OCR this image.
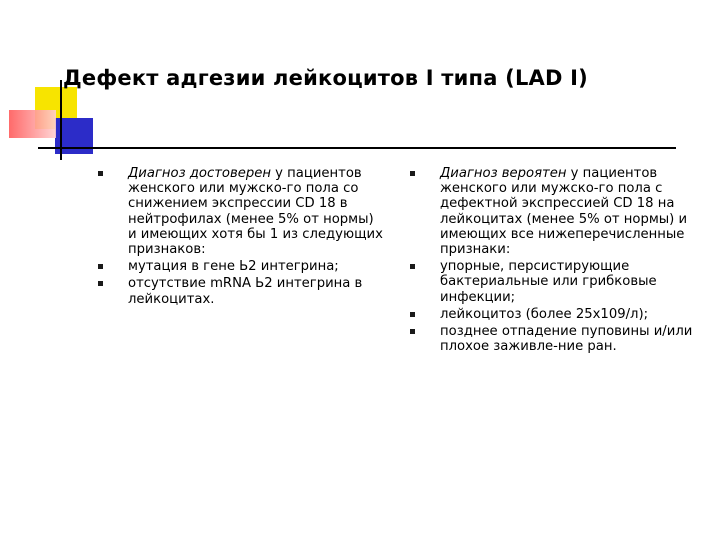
Дефект адгезии лейкоцитов I типа (LAD I)
Диагноз достоверен у пациентов женского или мужско-го пола со снижением экспрессии CD 18 в нейтрофилах (менее 5% от нормы) и имеющих хотя бы 1 из следующих признаков:
мутация в гене Ь2 интегрина;
отсутствие mRNA Ь2 интегрина в лейкоцитах.
Диагноз вероятен у пациентов женского или мужско-го пола с дефектной экспрессией CD 18 на лейкоцитах (менее 5% от нормы) и имеющих все нижеперечисленные признаки:
упорные, персистирующие бактериальные или грибковые инфекции;
лейкоцитоз (более 25х109/л);
позднее отпадение пуповины и/или плохое заживле-ние ран.
